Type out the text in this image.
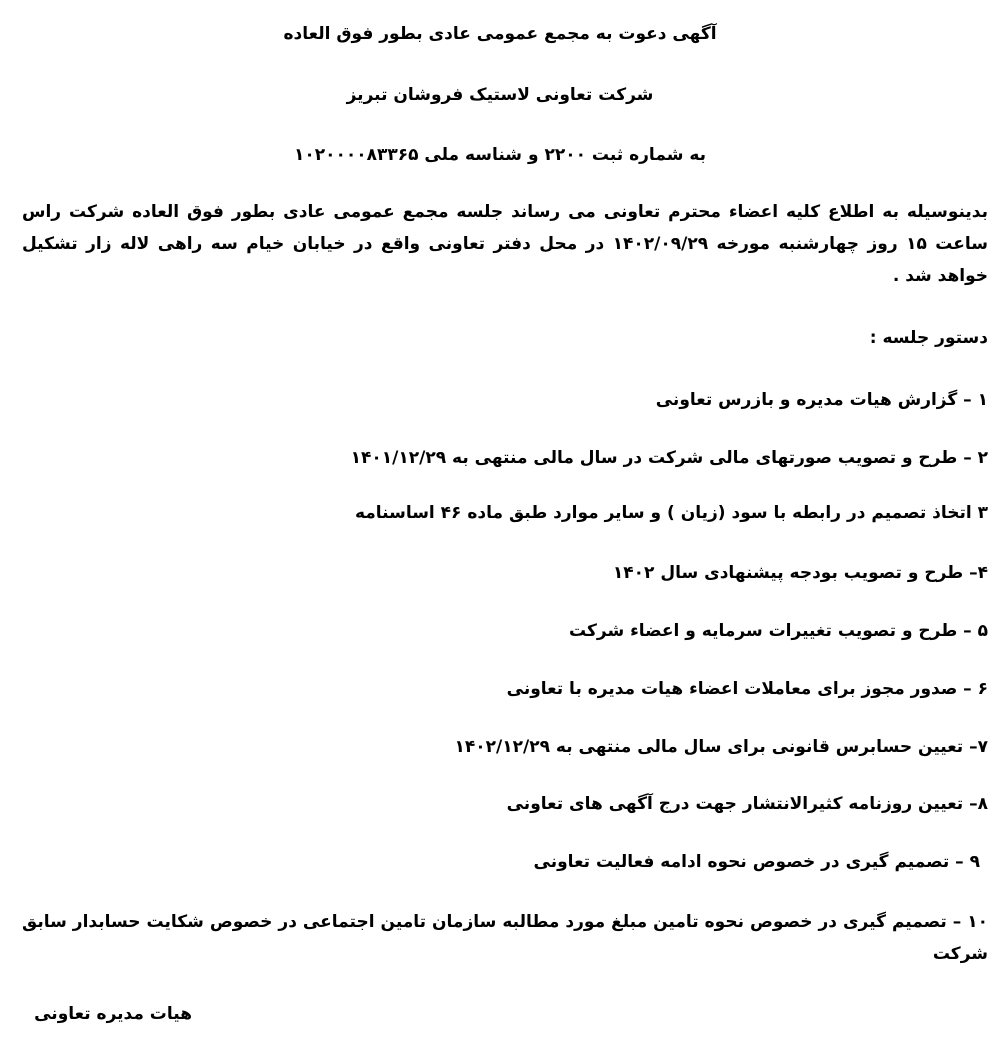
آگهی دعوت به مجمع عمومی عادی بطور فوق العاده

شرکت تعاونی لاستیک فروشان تبریز

به شماره ثبت ۲۲۰۰ و شناسه ملی ۱۰۲۰۰۰۰۸۳۳۶۵

بدینوسیله به اطلاع کلیه اعضاء محترم تعاونی می رساند جلسه مجمع عمومی عادی بطور فوق العاده شرکت راس ساعت ۱۵ روز چهارشنبه مورخه ۱۴۰۲/۰۹/۲۹ در محل دفتر تعاونی واقع در خیابان خیام سه راهی لاله زار تشکیل خواهد شد .

دستور جلسه :

۱ – گزارش هیات مدیره و بازرس تعاونی

۲ – طرح و تصویب صورتهای مالی شرکت در سال مالی منتهی به ۱۴۰۱/۱۲/۲۹

۳ اتخاذ تصمیم در رابطه با سود (زیان ) و سایر موارد طبق ماده ۴۶ اساسنامه

۴– طرح و تصویب بودجه پیشنهادی سال ۱۴۰۲

۵ – طرح و تصویب تغییرات سرمایه و اعضاء شرکت

۶ – صدور مجوز برای معاملات اعضاء هیات مدیره با تعاونی

۷– تعیین حسابرس قانونی برای سال مالی منتهی به ۱۴۰۲/۱۲/۲۹

۸– تعیین روزنامه کثیرالانتشار جهت درج آگهی های تعاونی

۹ – تصمیم گیری در خصوص نحوه ادامه فعالیت تعاونی

۱۰ – تصمیم گیری در خصوص نحوه تامین مبلغ مورد مطالبه سازمان تامین اجتماعی در خصوص شکایت حسابدار سابق شرکت

هیات مدیره تعاونی
